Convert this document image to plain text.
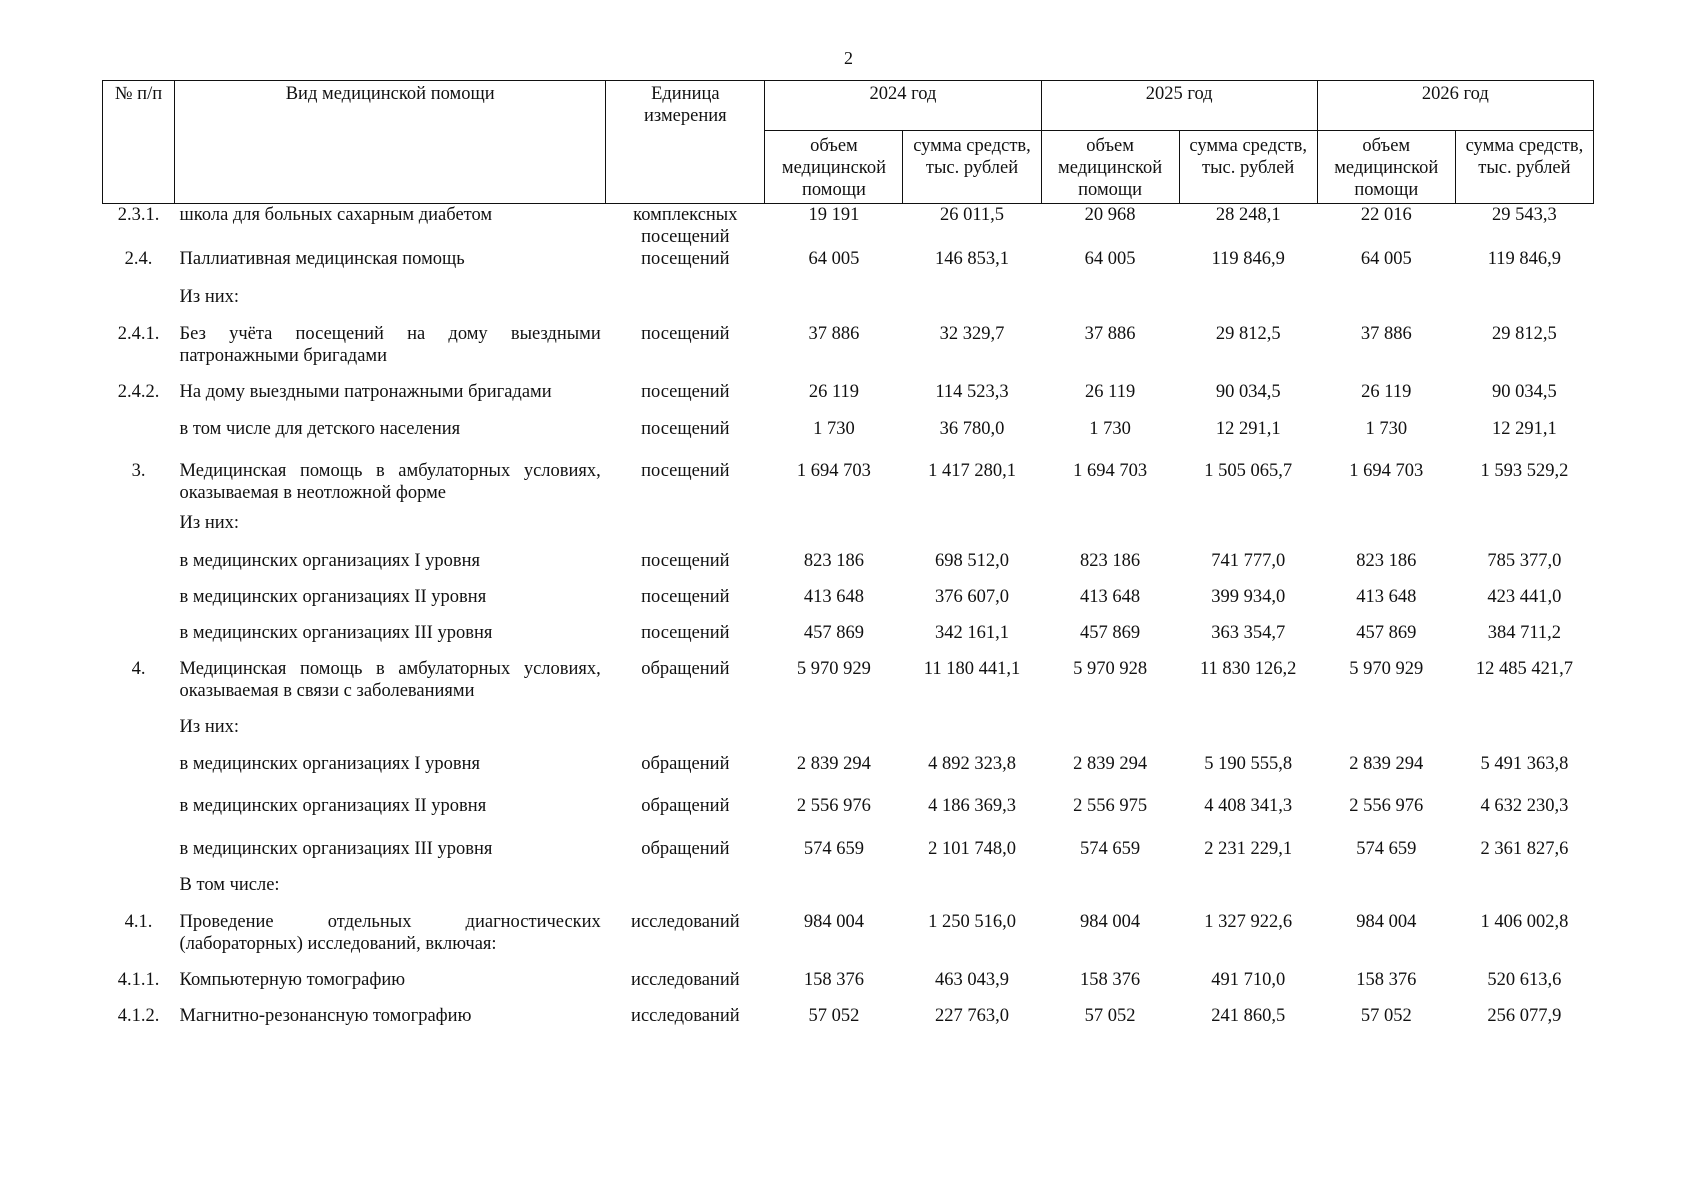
2
№ п/п	Вид медицинской помощи	Единица измерения	2024 год		2025 год		2026 год	
			объем медицинской помощи	сумма средств, тыс. рублей	объем медицинской помощи	сумма средств, тыс. рублей	объем медицинской помощи	сумма средств, тыс. рублей
2.3.1.	школа для больных сахарным диабетом	комплексных посещений	19 191	26 011,5	20 968	28 248,1	22 016	29 543,3
2.4.	Паллиативная медицинская помощь	посещений	64 005	146 853,1	64 005	119 846,9	64 005	119 846,9
	Из них:							
2.4.1.	Без учёта посещений на дому выездными патронажными бригадами	посещений	37 886	32 329,7	37 886	29 812,5	37 886	29 812,5
2.4.2.	На дому выездными патронажными бригадами	посещений	26 119	114 523,3	26 119	90 034,5	26 119	90 034,5
	в том числе для детского населения	посещений	1 730	36 780,0	1 730	12 291,1	1 730	12 291,1
3.	Медицинская помощь в амбулаторных условиях, оказываемая в неотложной форме	посещений	1 694 703	1 417 280,1	1 694 703	1 505 065,7	1 694 703	1 593 529,2
	Из них:							
	в медицинских организациях I уровня	посещений	823 186	698 512,0	823 186	741 777,0	823 186	785 377,0
	в медицинских организациях II уровня	посещений	413 648	376 607,0	413 648	399 934,0	413 648	423 441,0
	в медицинских организациях III уровня	посещений	457 869	342 161,1	457 869	363 354,7	457 869	384 711,2
4.	Медицинская помощь в амбулаторных условиях, оказываемая в связи с заболеваниями	обращений	5 970 929	11 180 441,1	5 970 928	11 830 126,2	5 970 929	12 485 421,7
	Из них:							
	в медицинских организациях I уровня	обращений	2 839 294	4 892 323,8	2 839 294	5 190 555,8	2 839 294	5 491 363,8
	в медицинских организациях II уровня	обращений	2 556 976	4 186 369,3	2 556 975	4 408 341,3	2 556 976	4 632 230,3
	в медицинских организациях III уровня	обращений	574 659	2 101 748,0	574 659	2 231 229,1	574 659	2 361 827,6
	В том числе:							
4.1.	Проведение отдельных диагностических (лабораторных) исследований, включая:	исследований	984 004	1 250 516,0	984 004	1 327 922,6	984 004	1 406 002,8
4.1.1.	Компьютерную томографию	исследований	158 376	463 043,9	158 376	491 710,0	158 376	520 613,6
4.1.2.	Магнитно-резонансную томографию	исследований	57 052	227 763,0	57 052	241 860,5	57 052	256 077,9
